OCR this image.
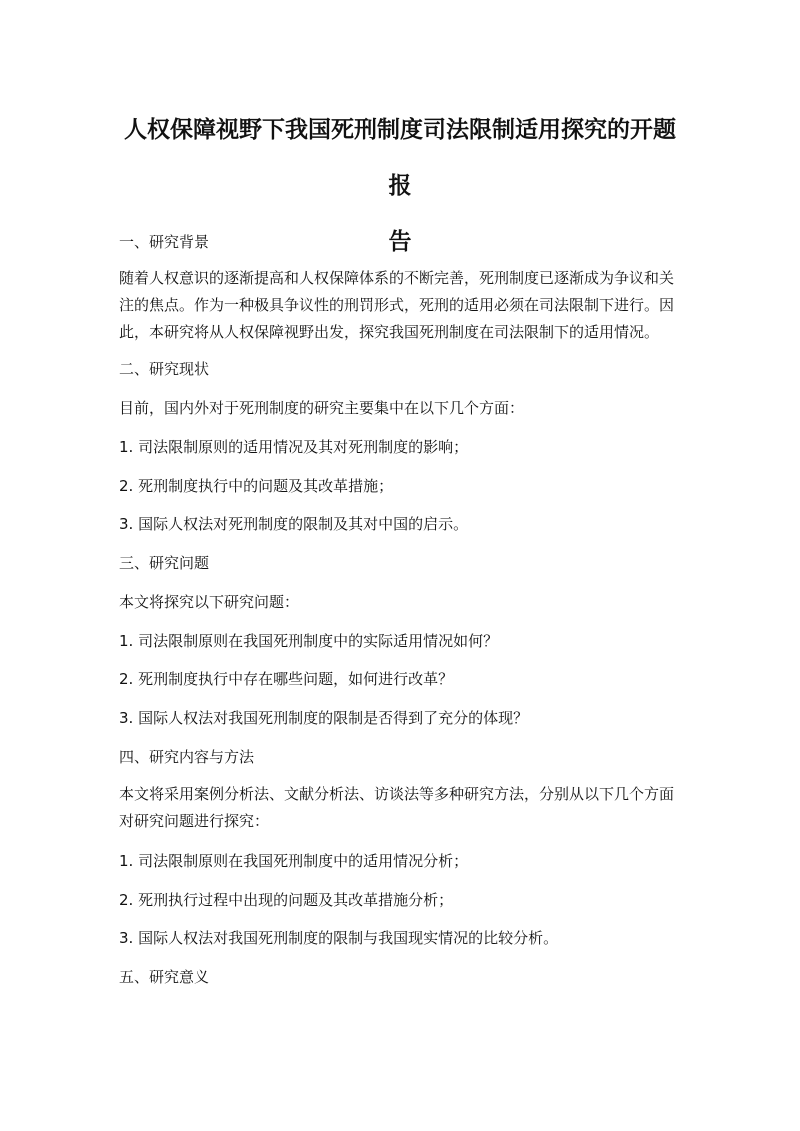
人权保障视野下我国死刑制度司法限制适用探究的开题报
告

一、研究背景

随着人权意识的逐渐提高和人权保障体系的不断完善，死刑制度已逐渐成为争议和关
注的焦点。作为一种极具争议性的刑罚形式，死刑的适用必须在司法限制下进行。因
此，本研究将从人权保障视野出发，探究我国死刑制度在司法限制下的适用情况。

二、研究现状

目前，国内外对于死刑制度的研究主要集中在以下几个方面：

1. 司法限制原则的适用情况及其对死刑制度的影响；

2. 死刑制度执行中的问题及其改革措施；

3. 国际人权法对死刑制度的限制及其对中国的启示。

三、研究问题

本文将探究以下研究问题：

1. 司法限制原则在我国死刑制度中的实际适用情况如何？

2. 死刑制度执行中存在哪些问题，如何进行改革？

3. 国际人权法对我国死刑制度的限制是否得到了充分的体现？

四、研究内容与方法

本文将采用案例分析法、文献分析法、访谈法等多种研究方法，分别从以下几个方面
对研究问题进行探究：

1. 司法限制原则在我国死刑制度中的适用情况分析；

2. 死刑执行过程中出现的问题及其改革措施分析；

3. 国际人权法对我国死刑制度的限制与我国现实情况的比较分析。

五、研究意义
